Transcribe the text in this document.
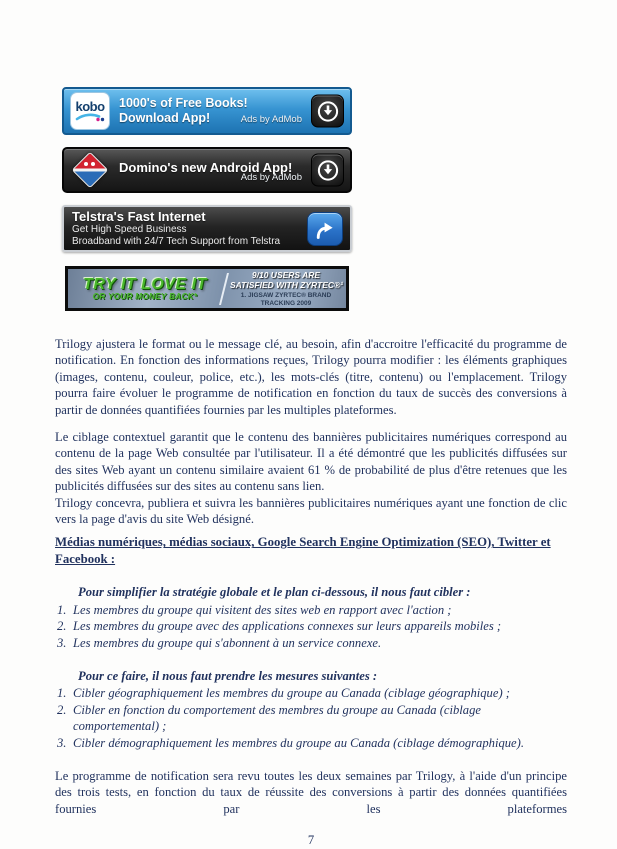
kobo 1000's of Free Books!
Download App!	Ads by AdMob
Domino's new Android App!
Ads by AdMob
Telstra's Fast Internet
Get High Speed Business
Broadband with 24/7 Tech Support from Telstra
TRY IT LOVE IT
OR YOUR MONEY BACK*
9/10 USERS ARE
SATISFIED WITH ZYRTEC®¹
1. JIGSAW ZYRTEC® BRAND
TRACKING 2009

Trilogy ajustera le format ou le message clé, au besoin, afin d'accroitre l'efficacité du programme de notification. En fonction des informations reçues, Trilogy pourra modifier : les éléments graphiques (images, contenu, couleur, police, etc.), les mots-clés (titre, contenu) ou l'emplacement. Trilogy pourra faire évoluer le programme de notification en fonction du taux de succès des conversions à partir de données quantifiées fournies par les multiples plateformes.

Le ciblage contextuel garantit que le contenu des bannières publicitaires numériques correspond au contenu de la page Web consultée par l'utilisateur. Il a été démontré que les publicités diffusées sur des sites Web ayant un contenu similaire avaient 61 % de probabilité de plus d'être retenues que les publicités diffusées sur des sites au contenu sans lien.

Trilogy concevra, publiera et suivra les bannières publicitaires numériques ayant une fonction de clic vers la page d'avis du site Web désigné.

Médias numériques, médias sociaux, Google Search Engine Optimization (SEO), Twitter et Facebook :

Pour simplifier la stratégie globale et le plan ci-dessous, il nous faut cibler :

1. Les membres du groupe qui visitent des sites web en rapport avec l'action ;
2. Les membres du groupe avec des applications connexes sur leurs appareils mobiles ;
3. Les membres du groupe qui s'abonnent à un service connexe.

Pour ce faire, il nous faut prendre les mesures suivantes :

1. Cibler géographiquement les membres du groupe au Canada (ciblage géographique) ;
2. Cibler en fonction du comportement des membres du groupe au Canada (ciblage comportemental) ;
3. Cibler démographiquement les membres du groupe au Canada (ciblage démographique).

Le programme de notification sera revu toutes les deux semaines par Trilogy, à l'aide d'un principe des trois tests, en fonction du taux de réussite des conversions à partir des données quantifiées fournies par les plateformes

7
